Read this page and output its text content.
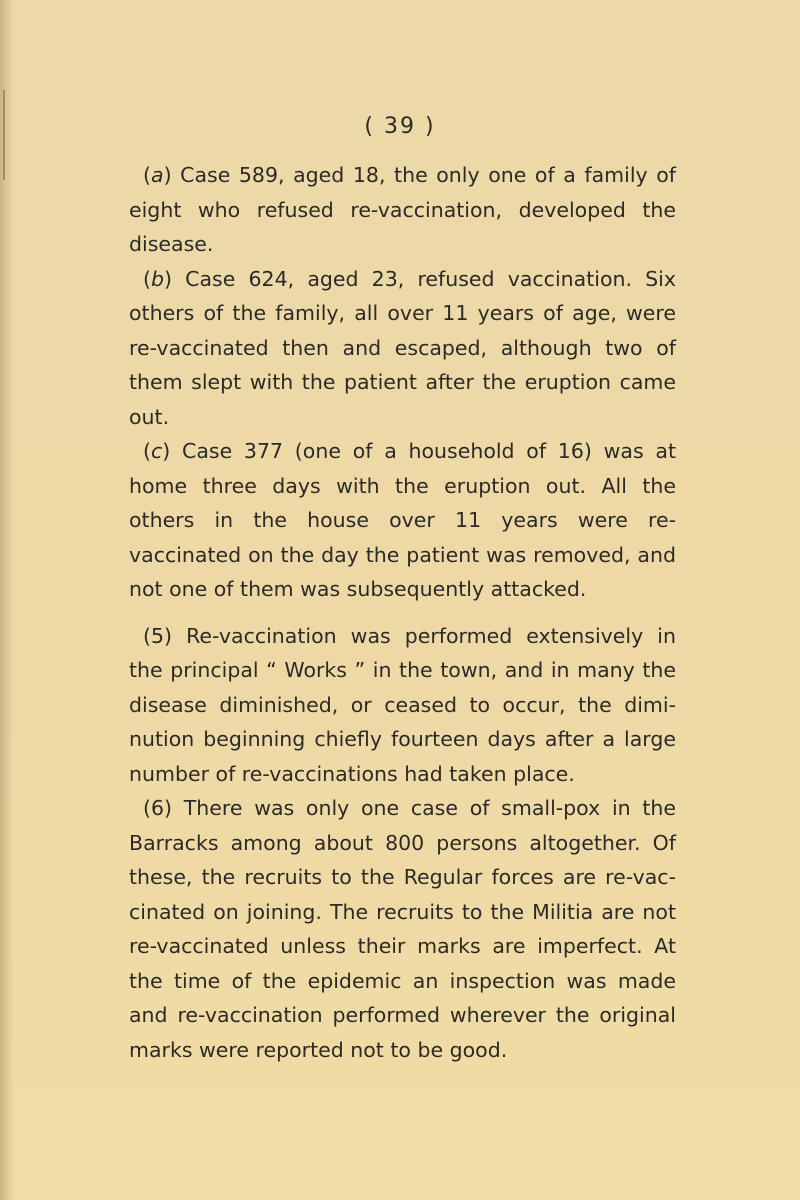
( 39 )

(a) Case 589, aged 18, the only one of a family of eight who refused re-vaccination, developed the disease.

(b) Case 624, aged 23, refused vaccination. Six others of the family, all over 11 years of age, were re-vaccinated then and escaped, although two of them slept with the patient after the eruption came out.

(c) Case 377 (one of a household of 16) was at home three days with the eruption out. All the others in the house over 11 years were re-vaccinated on the day the patient was removed, and not one of them was subsequently attacked.

(5) Re-vaccination was performed extensively in the principal “ Works ” in the town, and in many the disease diminished, or ceased to occur, the diminution beginning chiefly fourteen days after a large number of re-vaccinations had taken place.

(6) There was only one case of small-pox in the Barracks among about 800 persons altogether. Of these, the recruits to the Regular forces are re-vaccinated on joining. The recruits to the Militia are not re-vaccinated unless their marks are imperfect. At the time of the epidemic an inspection was made and re-vaccination performed wherever the original marks were reported not to be good.
